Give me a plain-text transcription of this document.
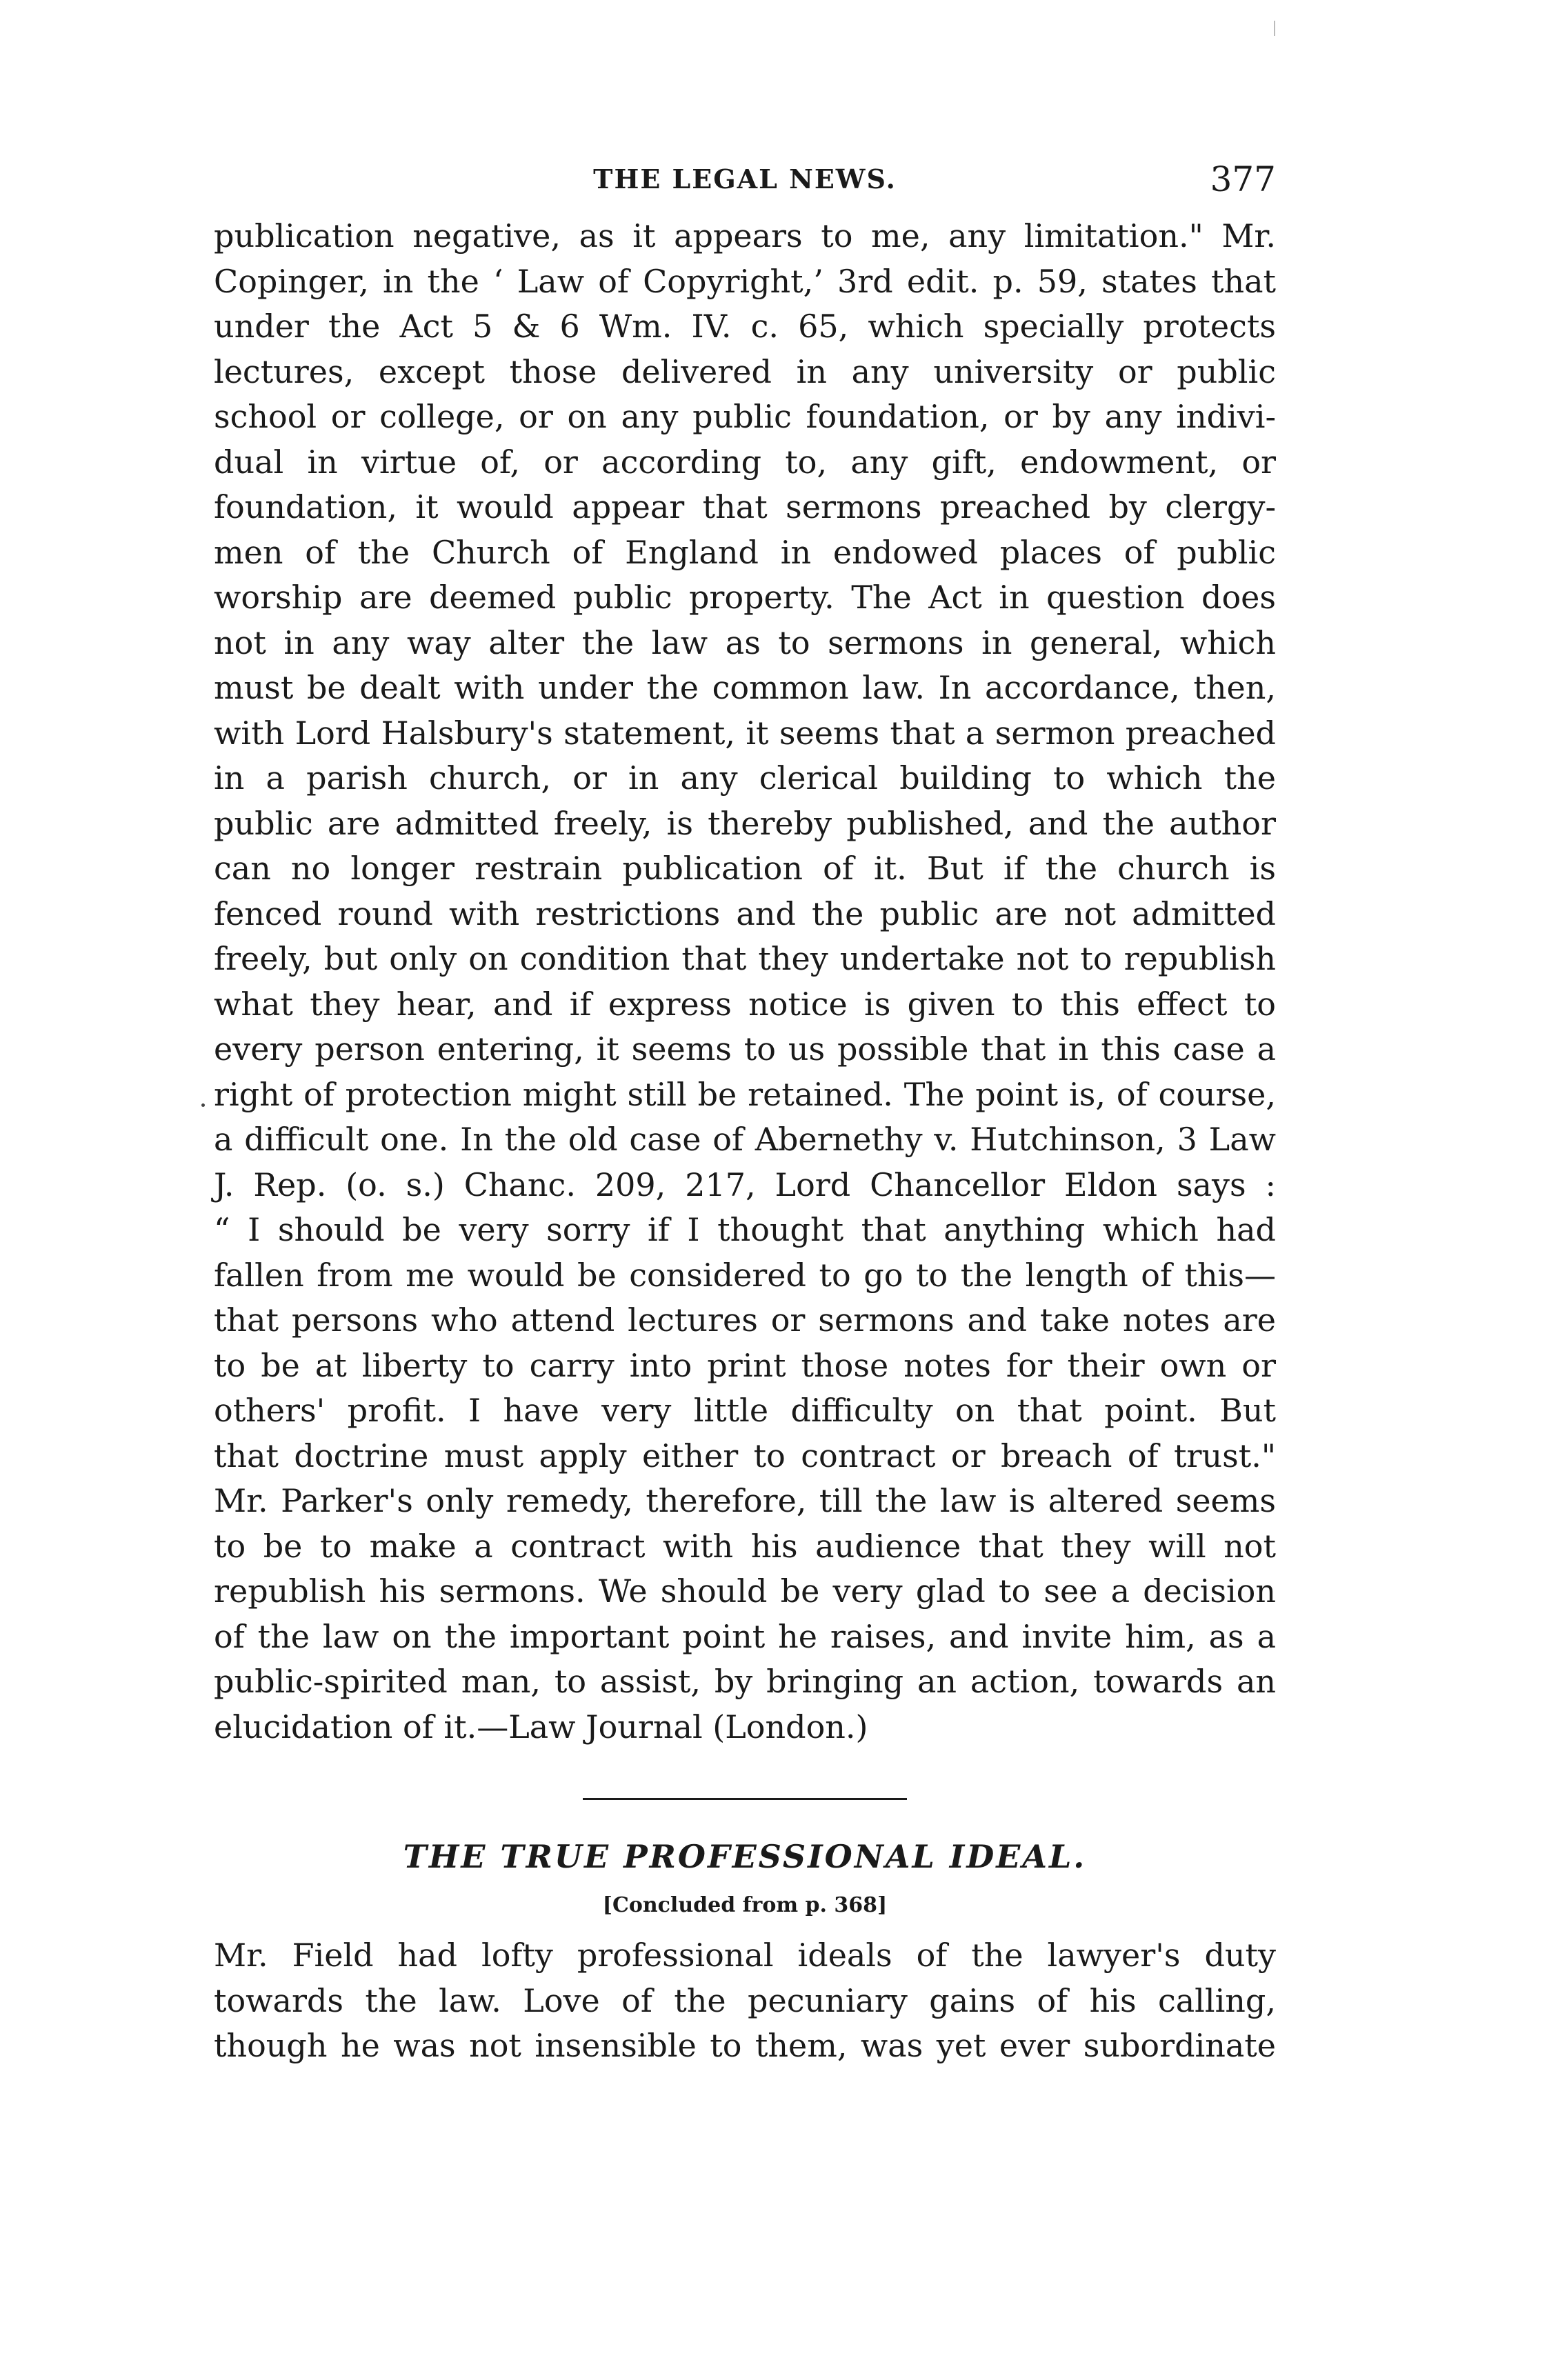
THE LEGAL NEWS.	377
publication negative, as it appears to me, any limitation." Mr.
Copinger, in the ‘ Law of Copyright,’ 3rd edit. p. 59, states that
under the Act 5 & 6 Wm. IV. c. 65, which specially protects
lectures, except those delivered in any university or public
school or college, or on any public foundation, or by any indivi-
dual in virtue of, or according to, any gift, endowment, or
foundation, it would appear that sermons preached by clergy-
men of the Church of England in endowed places of public
worship are deemed public property. The Act in question does
not in any way alter the law as to sermons in general, which
must be dealt with under the common law. In accordance, then,
with Lord Halsbury's statement, it seems that a sermon preached
in a parish church, or in any clerical building to which the
public are admitted freely, is thereby published, and the author
can no longer restrain publication of it. But if the church is
fenced round with restrictions and the public are not admitted
freely, but only on condition that they undertake not to republish
what they hear, and if express notice is given to this effect to
every person entering, it seems to us possible that in this case a
right of protection might still be retained. The point is, of course,
a difficult one. In the old case of Abernethy v. Hutchinson, 3 Law
J. Rep. (o. s.) Chanc. 209, 217, Lord Chancellor Eldon says :
“ I should be very sorry if I thought that anything which had
fallen from me would be considered to go to the length of this—
that persons who attend lectures or sermons and take notes are
to be at liberty to carry into print those notes for their own or
others' profit. I have very little difficulty on that point. But
that doctrine must apply either to contract or breach of trust."
Mr. Parker's only remedy, therefore, till the law is altered seems
to be to make a contract with his audience that they will not
republish his sermons. We should be very glad to see a decision
of the law on the important point he raises, and invite him, as a
public-spirited man, to assist, by bringing an action, towards an
elucidation of it.—Law Journal (London.)
THE TRUE PROFESSIONAL IDEAL.
[Concluded from p. 368]
Mr. Field had lofty professional ideals of the lawyer's duty
towards the law. Love of the pecuniary gains of his calling,
though he was not insensible to them, was yet ever subordinate
